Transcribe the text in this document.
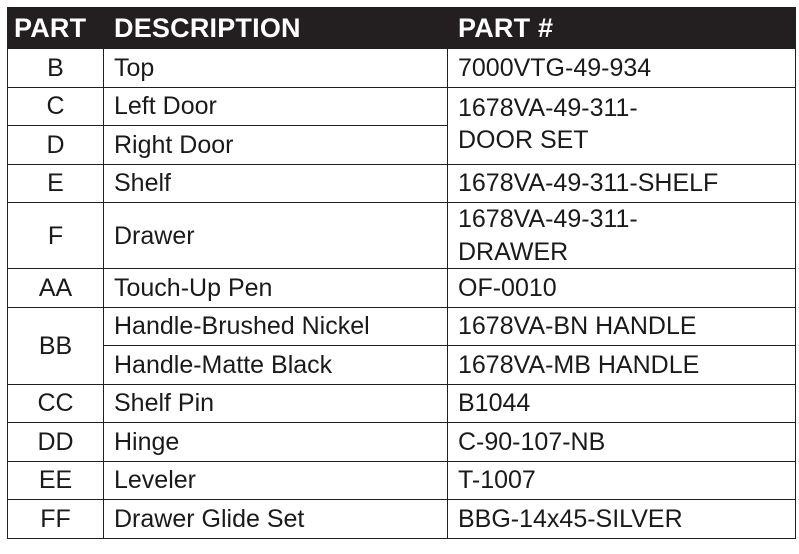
PART	DESCRIPTION	PART #
B	Top	7000VTG-49-934
C	Left Door	1678VA-49-311-
DOOR SET

D	Right Door	
E	Shelf	1678VA-49-311-SHELF
F	Drawer	1678VA-49-311-
DRAWER

AA	Touch-Up Pen	OF-0010
BB	Handle-Brushed Nickel	1678VA-BN HANDLE
	Handle-Matte Black	1678VA-MB HANDLE
CC	Shelf Pin	B1044
DD	Hinge	C-90-107-NB
EE	Leveler	T-1007
FF	Drawer Glide Set	BBG-14x45-SILVER
